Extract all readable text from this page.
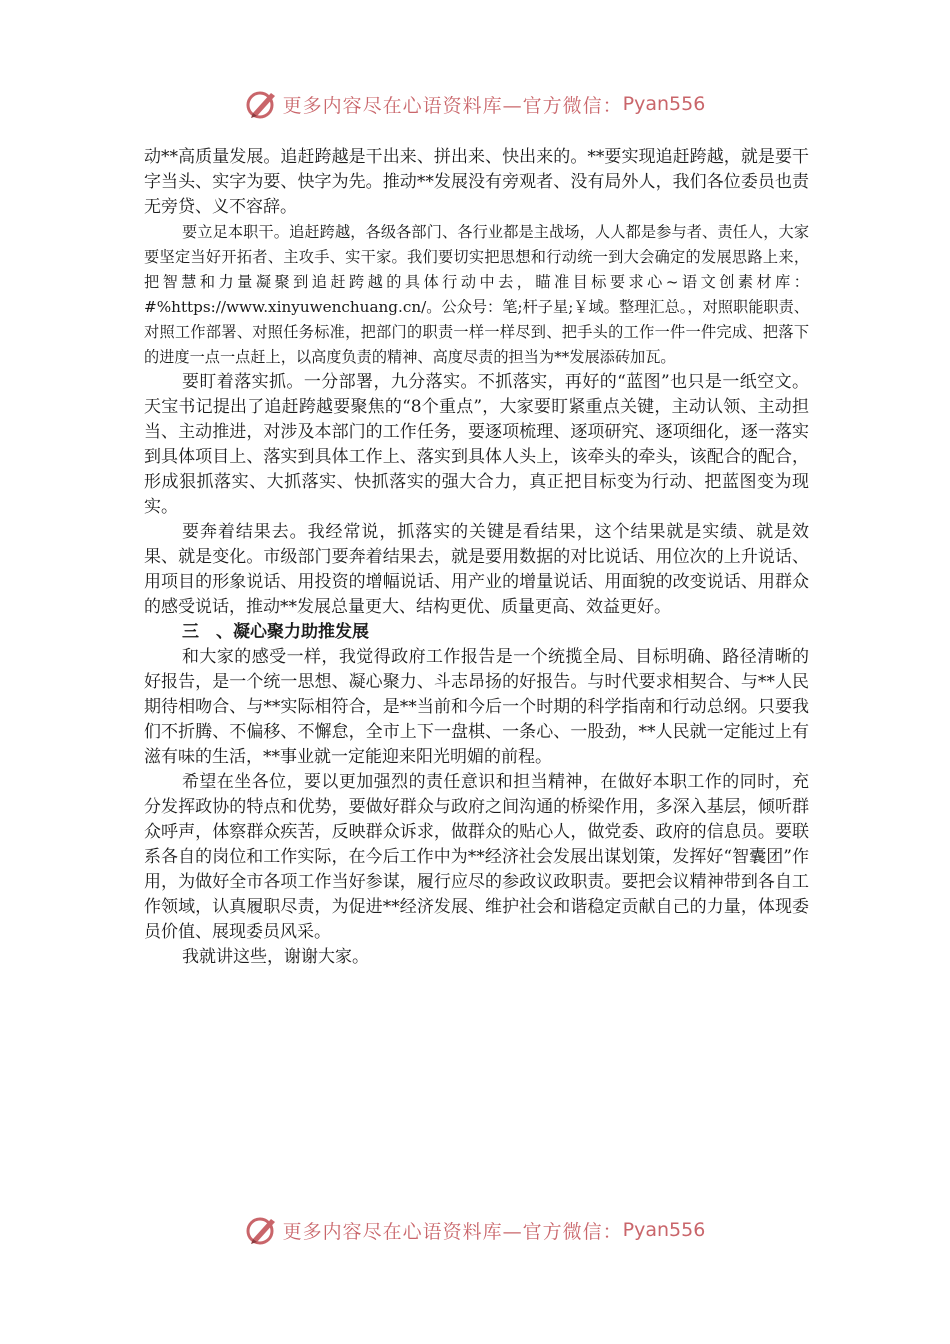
更多内容尽在心语资料库—官方微信： Pyan556

动**高质量发展。追赶跨越是干出来、拼出来、快出来的。**要实现追赶跨越，就是要干字当头、实字为要、快字为先。推动**发展没有旁观者、没有局外人，我们各位委员也责无旁贷、义不容辞。

要立足本职干。追赶跨越，各级各部门、各行业都是主战场，人人都是参与者、责任人，大家要坚定当好开拓者、主攻手、实干家。我们要切实把思想和行动统一到大会确定的发展思路上来，把智慧和力量凝聚到追赶跨越的具体行动中去，瞄准目标要求心~语文创素材库：#%https://www.xinyuwenchuang.cn/。公众号：笔;杆子星;￥域。整理汇总。，对照职能职责、对照工作部署、对照任务标准，把部门的职责一样一样尽到、把手头的工作一件一件完成、把落下的进度一点一点赶上，以高度负责的精神、高度尽责的担当为**发展添砖加瓦。

要盯着落实抓。一分部署，九分落实。不抓落实，再好的“蓝图”也只是一纸空文。天宝书记提出了追赶跨越要聚焦的“8个重点”，大家要盯紧重点关键，主动认领、主动担当、主动推进，对涉及本部门的工作任务，要逐项梳理、逐项研究、逐项细化，逐一落实到具体项目上、落实到具体工作上、落实到具体人头上，该牵头的牵头，该配合的配合，形成狠抓落实、大抓落实、快抓落实的强大合力，真正把目标变为行动、把蓝图变为现实。

要奔着结果去。我经常说，抓落实的关键是看结果，这个结果就是实绩、就是效果、就是变化。市级部门要奔着结果去，就是要用数据的对比说话、用位次的上升说话、用项目的形象说话、用投资的增幅说话、用产业的增量说话、用面貌的改变说话、用群众的感受说话，推动**发展总量更大、结构更优、质量更高、效益更好。

三　、凝心聚力助推发展

和大家的感受一样，我觉得政府工作报告是一个统揽全局、目标明确、路径清晰的好报告，是一个统一思想、凝心聚力、斗志昂扬的好报告。与时代要求相契合、与**人民期待相吻合、与**实际相符合，是**当前和今后一个时期的科学指南和行动总纲。只要我们不折腾、不偏移、不懈怠，全市上下一盘棋、一条心、一股劲，**人民就一定能过上有滋有味的生活，**事业就一定能迎来阳光明媚的前程。

希望在坐各位，要以更加强烈的责任意识和担当精神，在做好本职工作的同时，充分发挥政协的特点和优势，要做好群众与政府之间沟通的桥梁作用，多深入基层，倾听群众呼声，体察群众疾苦，反映群众诉求，做群众的贴心人，做党委、政府的信息员。要联系各自的岗位和工作实际，在今后工作中为**经济社会发展出谋划策，发挥好“智囊团”作用，为做好全市各项工作当好参谋，履行应尽的参政议政职责。要把会议精神带到各自工作领域，认真履职尽责，为促进**经济发展、维护社会和谐稳定贡献自己的力量，体现委员价值、展现委员风采。

我就讲这些，谢谢大家。

更多内容尽在心语资料库—官方微信： Pyan556
